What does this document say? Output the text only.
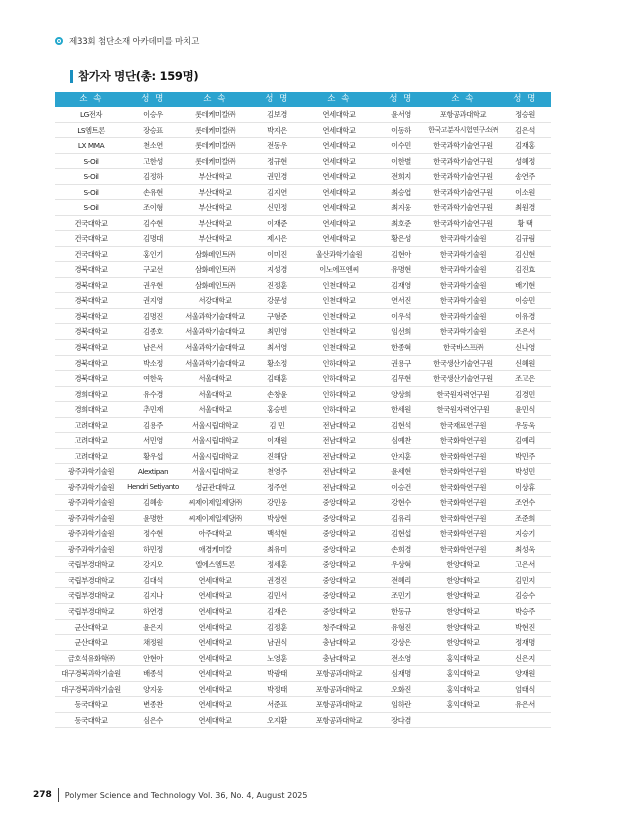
제33회 첨단소재 아카데미를 마치고
참가자 명단(총: 159명)
소 속	성 명	소 속	성 명	소 속	성 명	소 속	성 명
LG전자	이승우	롯데케미칼㈜	김보경	연세대학교	윤서영	포항공과대학교	정승원
LS엠트론	장승표	롯데케미칼㈜	박지은	연세대학교	이동하	한국고분자시험연구소㈜	김은석
LX MMA	천소연	롯데케미칼㈜	전동우	연세대학교	이수민	한국과학기술연구원	김재홍
S-Oil	고한성	롯데케미칼㈜	정규현	연세대학교	이한별	한국과학기술연구원	성혜정
S-Oil	김정하	부산대학교	권민경	연세대학교	전희지	한국과학기술연구원	송연주
S-Oil	손유현	부산대학교	김지연	연세대학교	최승엽	한국과학기술연구원	이소원
S-Oil	조이형	부산대학교	신민정	연세대학교	최지웅	한국과학기술연구원	최원경
건국대학교	김수현	부산대학교	이재준	연세대학교	최호준	한국과학기술연구원	황 택
건국대학교	김명대	부산대학교	제시은	연세대학교	황은성	한국과학기술원	김규림
건국대학교	홍인기	삼화페인트㈜	이미진	울산과학기술원	김현아	한국과학기술원	김신현
경북대학교	구교선	삼화페인트㈜	지성경	이노에프엔씨	유명현	한국과학기술원	김진효
경북대학교	권우현	삼화페인트㈜	진정훈	인천대학교	김재영	한국과학기술원	배기현
경북대학교	권지영	서강대학교	강문성	인천대학교	연서진	한국과학기술원	이승민
경북대학교	김명진	서울과학기술대학교	구형준	인천대학교	이우석	한국과학기술원	이유경
경북대학교	김종호	서울과학기술대학교	최민영	인천대학교	임선희	한국과학기술원	조은서
경북대학교	남은서	서울과학기술대학교	최서영	인천대학교	한종혁	한국바스프㈜	신나영
경북대학교	박소정	서울과학기술대학교	황소정	인하대학교	권용구	한국생산기술연구원	신혜원
경북대학교	여한욱	서울대학교	김태훈	인하대학교	김무현	한국생산기술연구원	조고은
경희대학교	유수경	서울대학교	손창윤	인하대학교	양상희	한국원자력연구원	김경민
경희대학교	추민재	서울대학교	홍승빈	인하대학교	한세원	한국원자력연구원	윤민식
고려대학교	김용주	서울시립대학교	김 민	전남대학교	김현석	한국재료연구원	우동욱
고려대학교	서민영	서울시립대학교	이재원	전남대학교	심예찬	한국화학연구원	김예리
고려대학교	황우섭	서울시립대학교	진해담	전남대학교	안지훈	한국화학연구원	박민주
광주과학기술원	Alextipan	서울시립대학교	천영주	전남대학교	윤세현	한국화학연구원	박성민
광주과학기술원	Hendri Setiyanto	성균관대학교	정주연	전남대학교	이승건	한국화학연구원	이상휴
광주과학기술원	김혜송	씨제이제일제당㈜	강민웅	중앙대학교	강현수	한국화학연구원	조연수
광주과학기술원	윤명한	씨제이제일제당㈜	박상현	중앙대학교	김유리	한국화학연구원	조준희
광주과학기술원	정수현	아주대학교	백석현	중앙대학교	김현섭	한국화학연구원	지승기
광주과학기술원	하민정	애경케미칼	최유미	중앙대학교	손희경	한국화학연구원	최성욱
국립부경대학교	강지오	엘에스엠트론	정세훈	중앙대학교	우상혁	한양대학교	고은서
국립부경대학교	김대석	연세대학교	권경진	중앙대학교	전혜리	한양대학교	김민지
국립부경대학교	김지나	연세대학교	김민서	중앙대학교	조민기	한양대학교	김승수
국립부경대학교	하연경	연세대학교	김재은	중앙대학교	한동규	한양대학교	박승주
군산대학교	윤은지	연세대학교	김정훈	청주대학교	유형진	한양대학교	박현진
군산대학교	채정원	연세대학교	남권식	충남대학교	강상은	한양대학교	정재명
금호석유화학㈜	안현아	연세대학교	노영훈	충남대학교	전소영	홍익대학교	신은지
대구경북과학기술원	배종석	연세대학교	박광태	포항공과대학교	심재명	홍익대학교	양재원
대구경북과학기술원	양지웅	연세대학교	박정태	포항공과대학교	오화진	홍익대학교	엄태식
동국대학교	변종찬	연세대학교	서준표	포항공과대학교	임하란	홍익대학교	유은서
동국대학교	심은수	연세대학교	오지환	포항공과대학교	장다겸
278 Polymer Science and Technology Vol. 36, No. 4, August 2025
